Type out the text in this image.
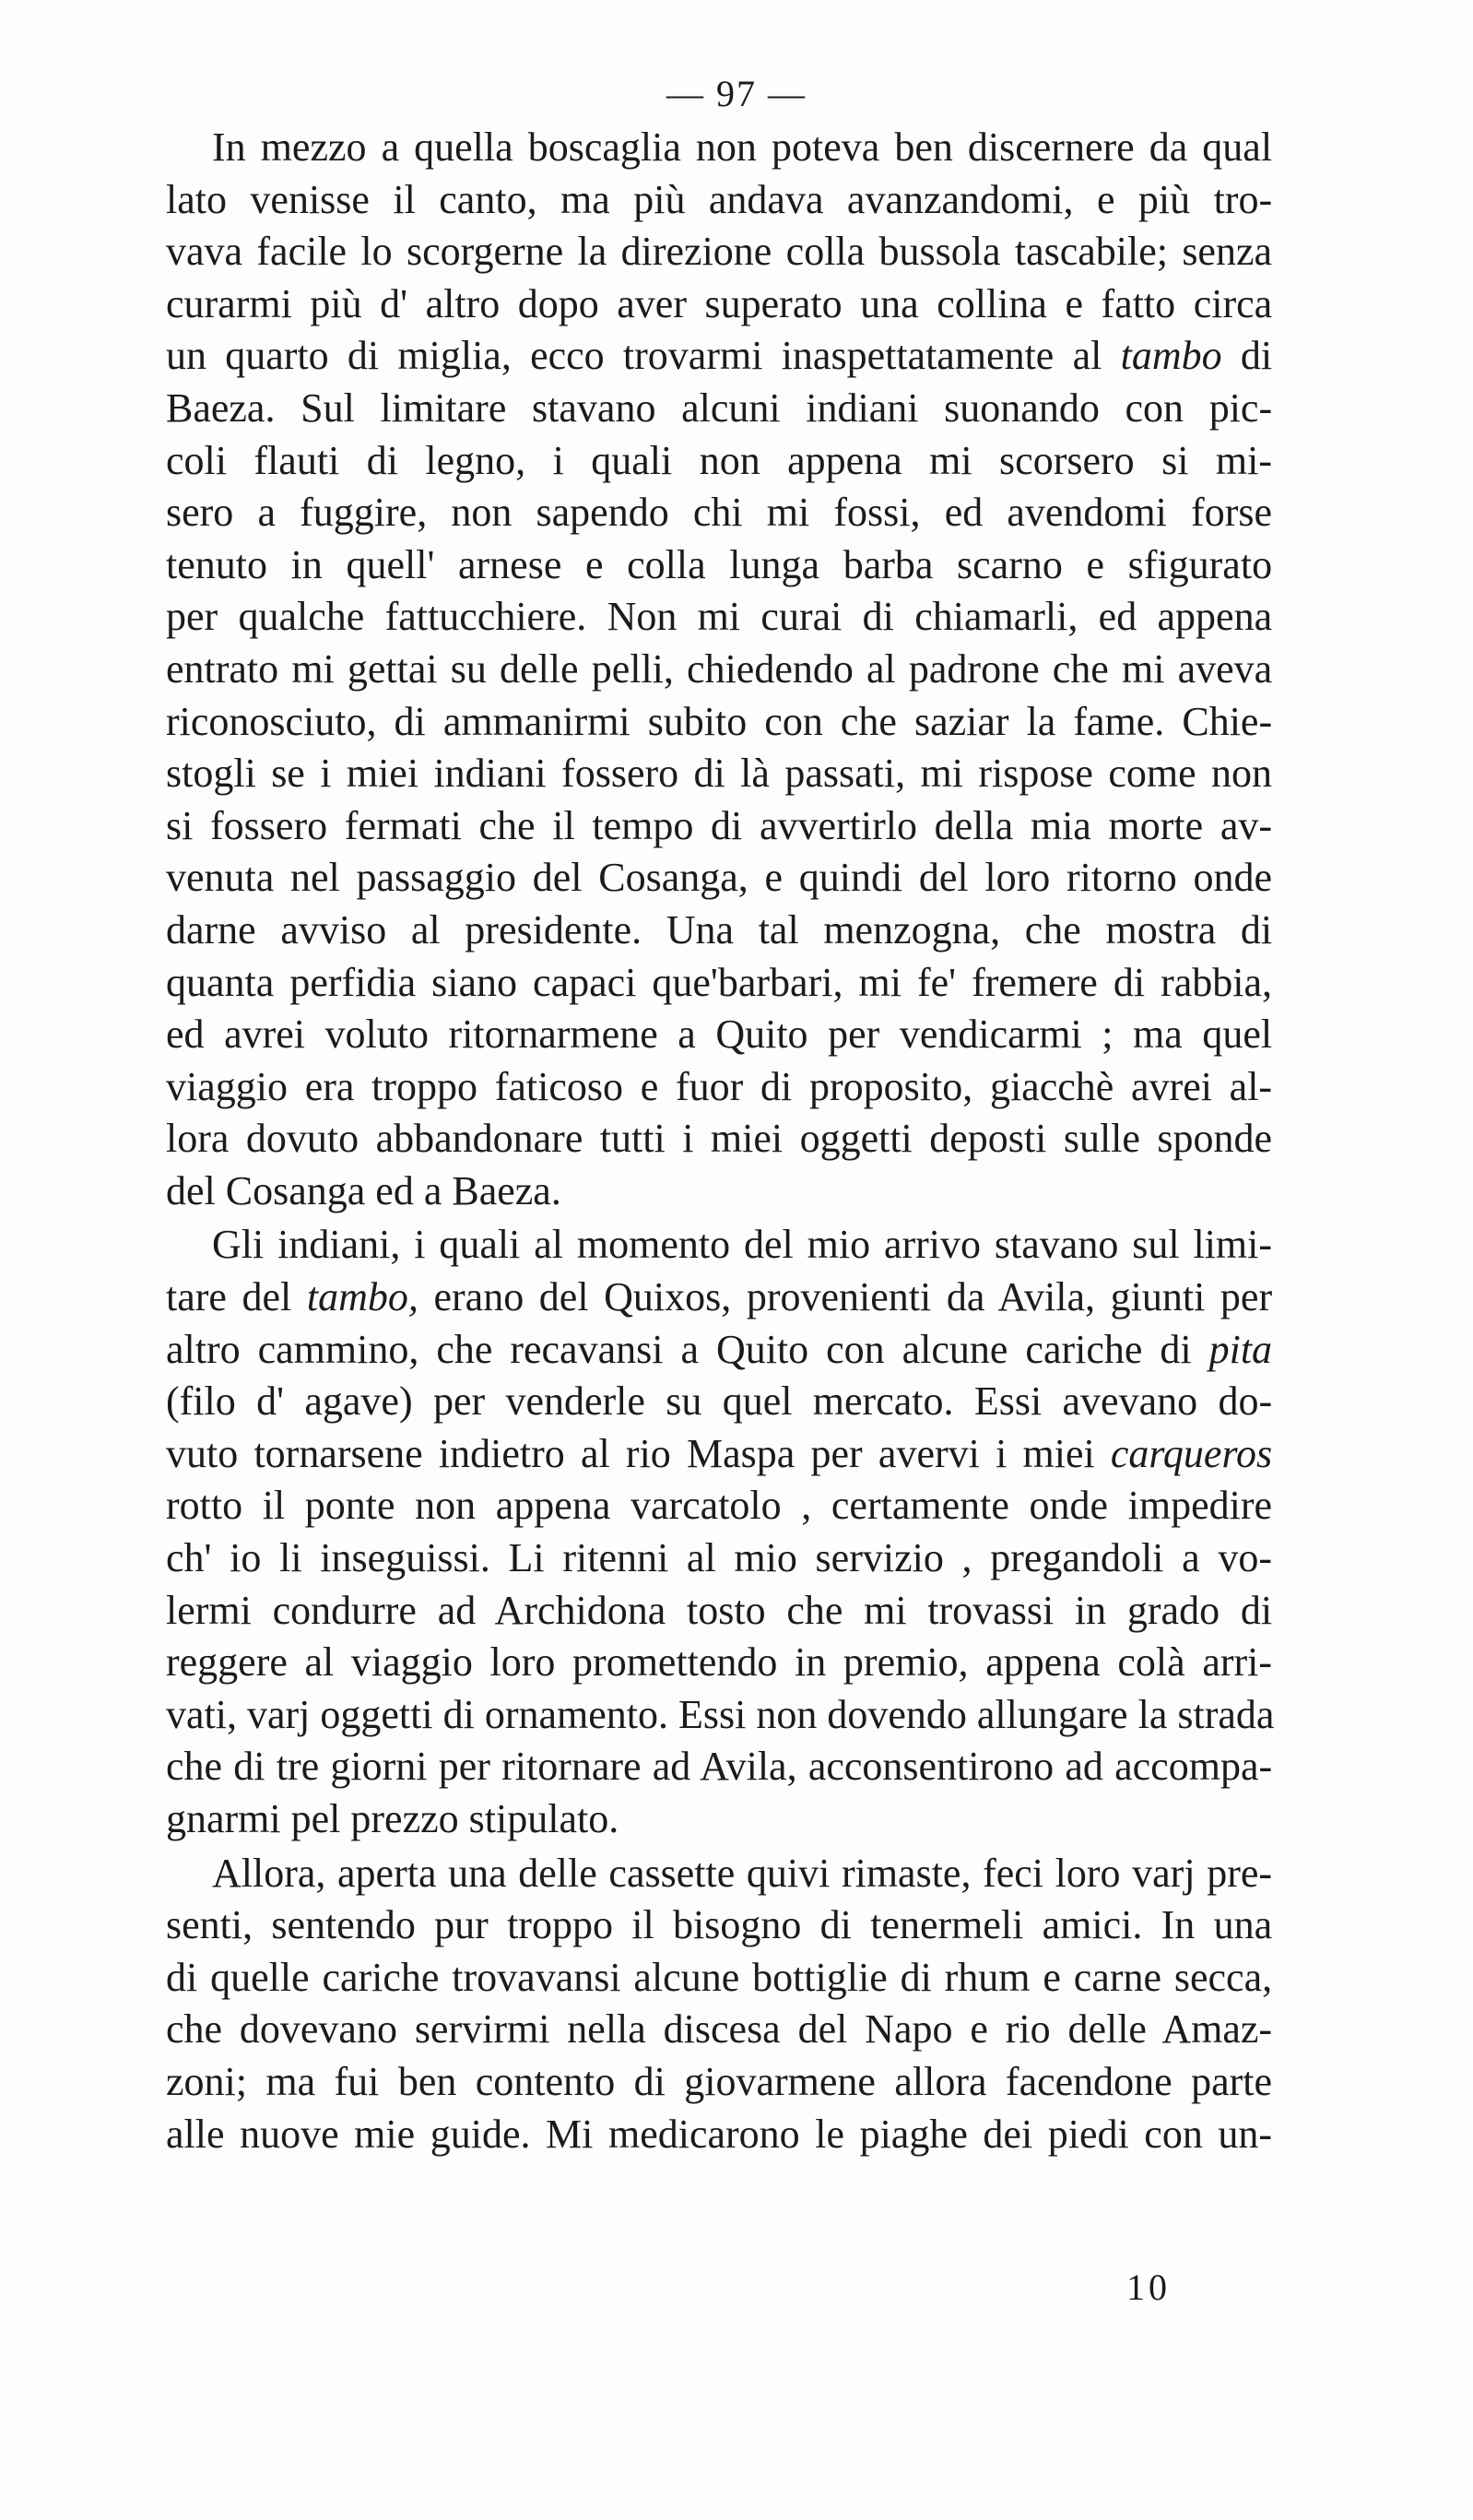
— 97 —

In mezzo a quella boscaglia non poteva ben discernere da qual
lato venisse il canto, ma più andava avanzandomi, e più tro-
vava facile lo scorgerne la direzione colla bussola tascabile; senza
curarmi più d' altro dopo aver superato una collina e fatto circa
un quarto di miglia, ecco trovarmi inaspettatamente al tambo di
Baeza. Sul limitare stavano alcuni indiani suonando con pic-
coli flauti di legno, i quali non appena mi scorsero si mi-
sero a fuggire, non sapendo chi mi fossi, ed avendomi forse
tenuto in quell' arnese e colla lunga barba scarno e sfigurato
per qualche fattucchiere. Non mi curai di chiamarli, ed appena
entrato mi gettai su delle pelli, chiedendo al padrone che mi aveva
riconosciuto, di ammanirmi subito con che saziar la fame. Chie-
stogli se i miei indiani fossero di là passati, mi rispose come non
si fossero fermati che il tempo di avvertirlo della mia morte av-
venuta nel passaggio del Cosanga, e quindi del loro ritorno onde
darne avviso al presidente. Una tal menzogna, che mostra di
quanta perfidia siano capaci que'barbari, mi fe' fremere di rabbia,
ed avrei voluto ritornarmene a Quito per vendicarmi ; ma quel
viaggio era troppo faticoso e fuor di proposito, giacchè avrei al-
lora dovuto abbandonare tutti i miei oggetti deposti sulle sponde
del Cosanga ed a Baeza.

Gli indiani, i quali al momento del mio arrivo stavano sul limi-
tare del tambo, erano del Quixos, provenienti da Avila, giunti per
altro cammino, che recavansi a Quito con alcune cariche di pita
(filo d' agave) per venderle su quel mercato. Essi avevano do-
vuto tornarsene indietro al rio Maspa per avervi i miei carqueros
rotto il ponte non appena varcatolo , certamente onde impedire
ch' io li inseguissi. Li ritenni al mio servizio , pregandoli a vo-
lermi condurre ad Archidona tosto che mi trovassi in grado di
reggere al viaggio loro promettendo in premio, appena colà arri-
vati, varj oggetti di ornamento. Essi non dovendo allungare la strada
che di tre giorni per ritornare ad Avila, acconsentirono ad accompa-
gnarmi pel prezzo stipulato.

Allora, aperta una delle cassette quivi rimaste, feci loro varj pre-
senti, sentendo pur troppo il bisogno di tenermeli amici. In una
di quelle cariche trovavansi alcune bottiglie di rhum e carne secca,
che dovevano servirmi nella discesa del Napo e rio delle Amaz-
zoni; ma fui ben contento di giovarmene allora facendone parte
alle nuove mie guide. Mi medicarono le piaghe dei piedi con un-

10
